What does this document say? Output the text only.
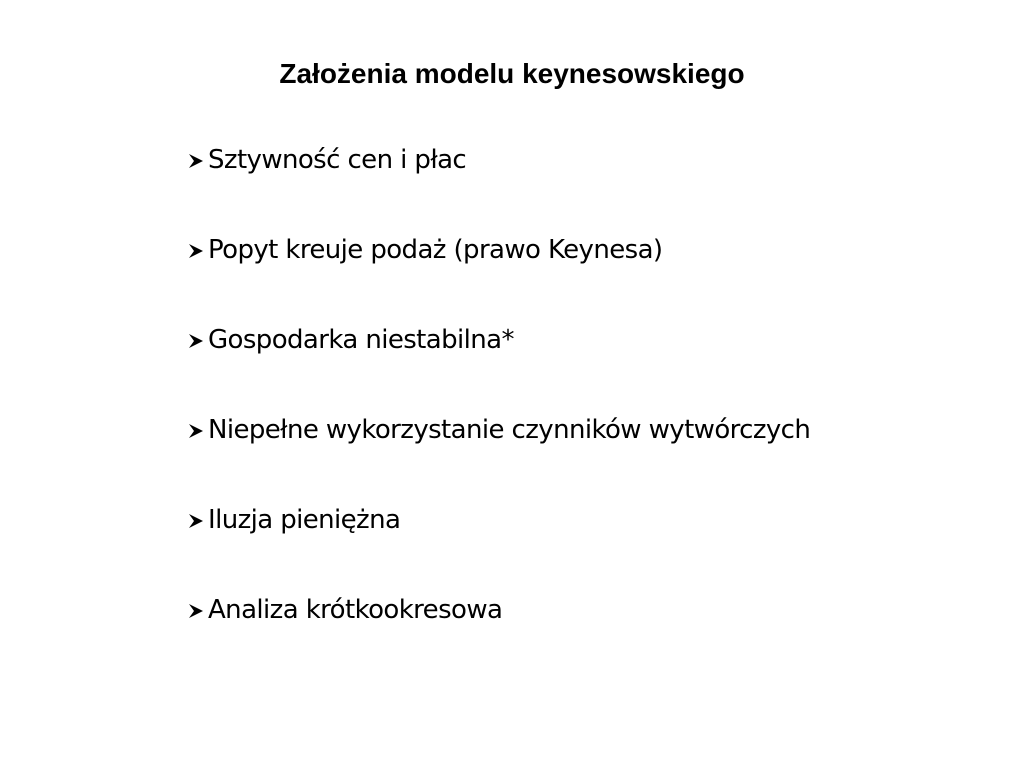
Założenia modelu keynesowskiego
Sztywność cen i płac
Popyt kreuje podaż (prawo Keynesa)
Gospodarka niestabilna*
Niepełne wykorzystanie czynników wytwórczych
Iluzja pieniężna
Analiza krótkookresowa
